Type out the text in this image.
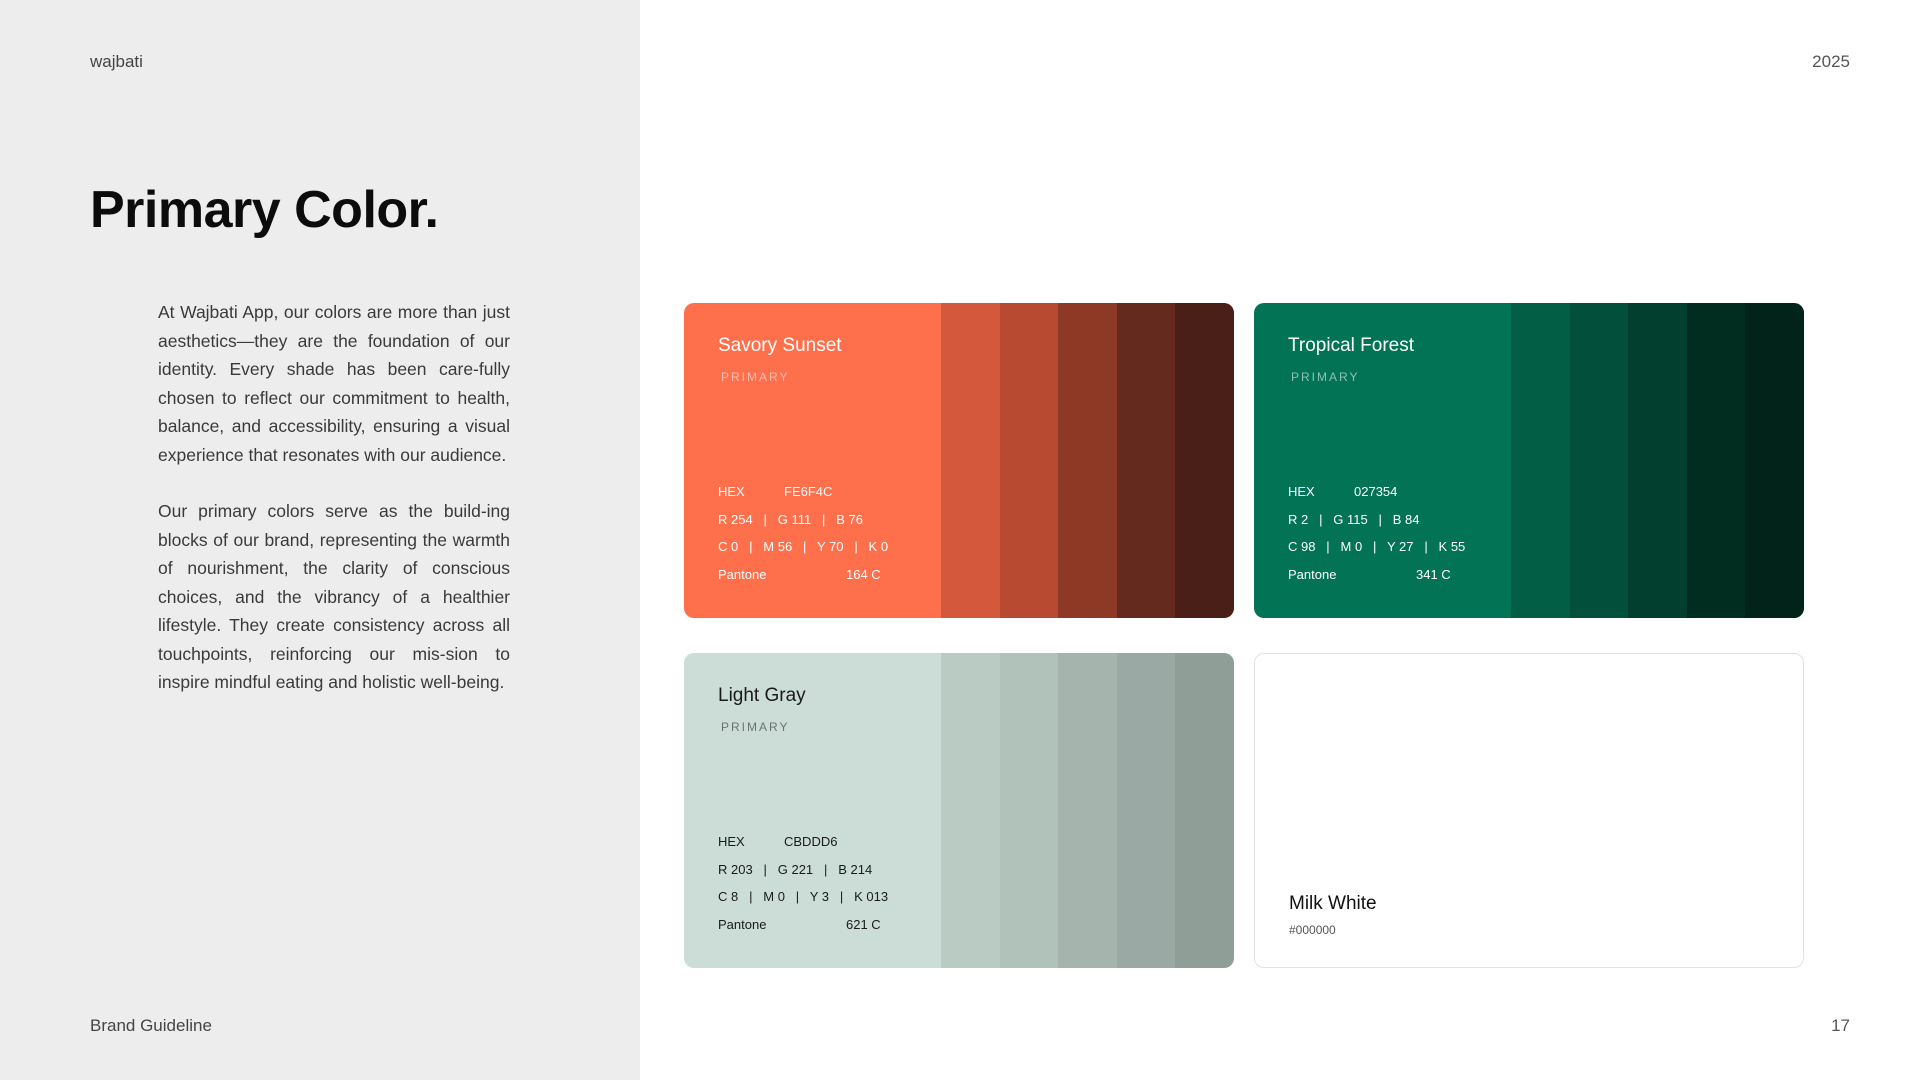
wajbati	2025
Primary Color.

At Wajbati App, our colors are more than just aesthetics—they are the foundation of our identity. Every shade has been care-fully chosen to reflect our commitment to health, balance, and accessibility, ensuring a visual experience that resonates with our audience.

Our primary colors serve as the build-ing blocks of our brand, representing the warmth of nourishment, the clarity of conscious choices, and the vibrancy of a healthier lifestyle. They create consistency across all touchpoints, reinforcing our mis-sion to inspire mindful eating and holistic well-being.

Brand Guideline	17
Savory Sunset
PRIMARY
HEX	FE6F4C
R 254   |   G 111   |   B 76
C 0   |   M 56   |   Y 70   |   K 0
Pantone	164 C
Tropical Forest
PRIMARY
HEX	027354
R 2   |   G 115   |   B 84
C 98   |   M 0   |   Y 27   |   K 55
Pantone	341 C
Light Gray
PRIMARY
HEX	CBDDD6
R 203   |   G 221   |   B 214
C 8   |   M 0   |   Y 3   |   K 013
Pantone	621 C
Milk White
#000000
